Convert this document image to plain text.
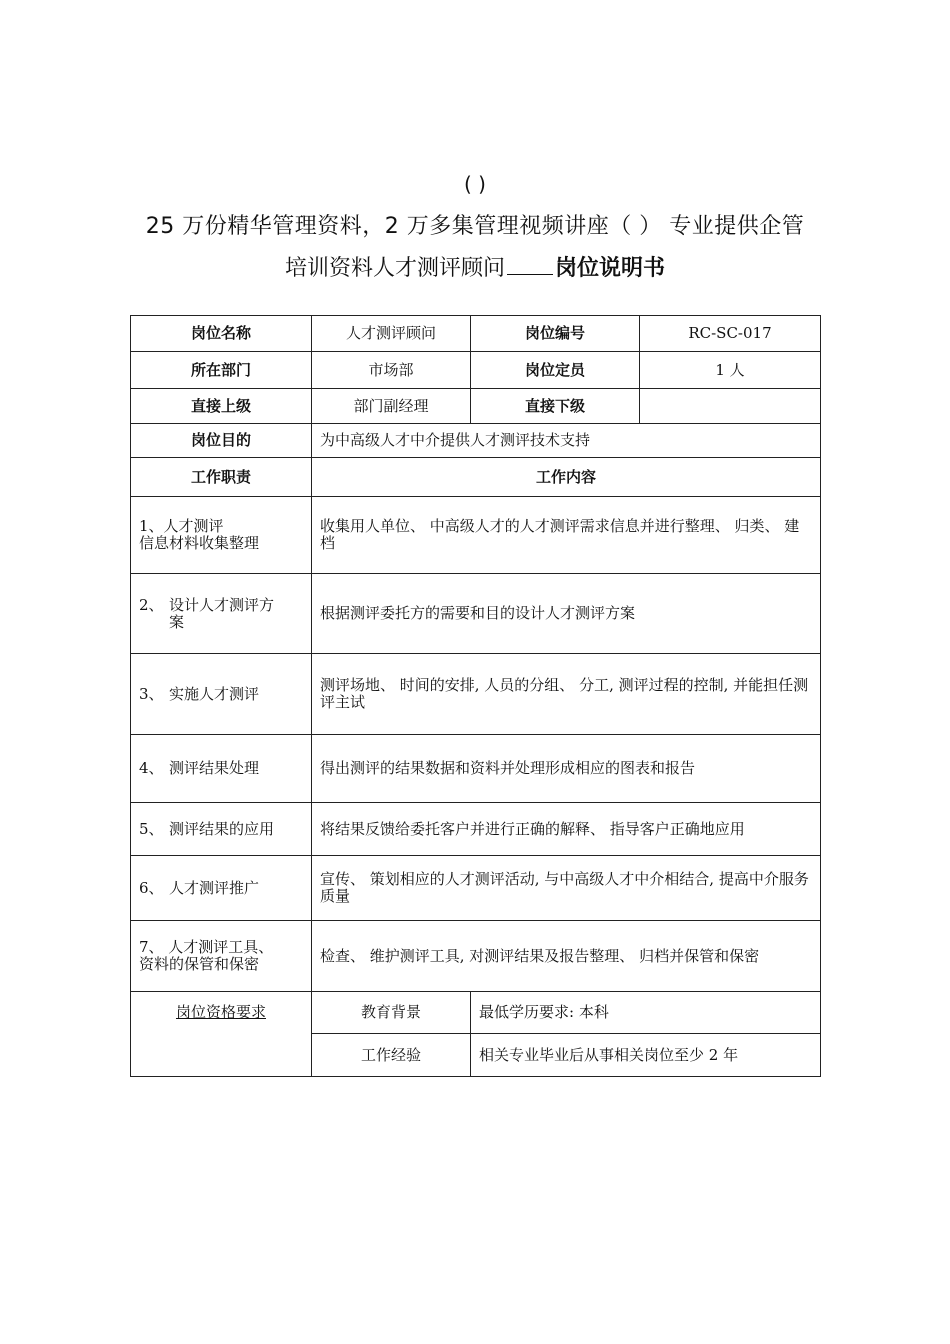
( )
25 万份精华管理资料，2 万多集管理视频讲座（ ） 专业提供企管
培训资料人才测评顾问 岗位说明书
岗位名称	人才测评顾问	岗位编号	RC-SC-017
所在部门	市场部	岗位定员	1 人
直接上级	部门副经理	直接下级	
岗位目的	为中高级人才中介提供人才测评技术支持		
工作职责	工作内容		
1、人才测评
信息材料收集整理	收集用人单位、 中高级人才的人才测评需求信息并进行整理、 归类、 建档		
2、 设计人才测评方案	根据测评委托方的需要和目的设计人才测评方案		
3、 实施人才测评	测评场地、 时间的安排, 人员的分组、 分工, 测评过程的控制, 并能担任测评主试		
4、 测评结果处理	得出测评的结果数据和资料并处理形成相应的图表和报告		
5、 测评结果的应用	将结果反馈给委托客户并进行正确的解释、 指导客户正确地应用		
6、 人才测评推广	宣传、 策划相应的人才测评活动, 与中高级人才中介相结合, 提高中介服务质量		
7、 人才测评工具、
资料的保管和保密	检查、 维护测评工具, 对测评结果及报告整理、 归档并保管和保密		
岗位资格要求	教育背景	最低学历要求: 本科	
	工作经验	相关专业毕业后从事相关岗位至少 2 年	
